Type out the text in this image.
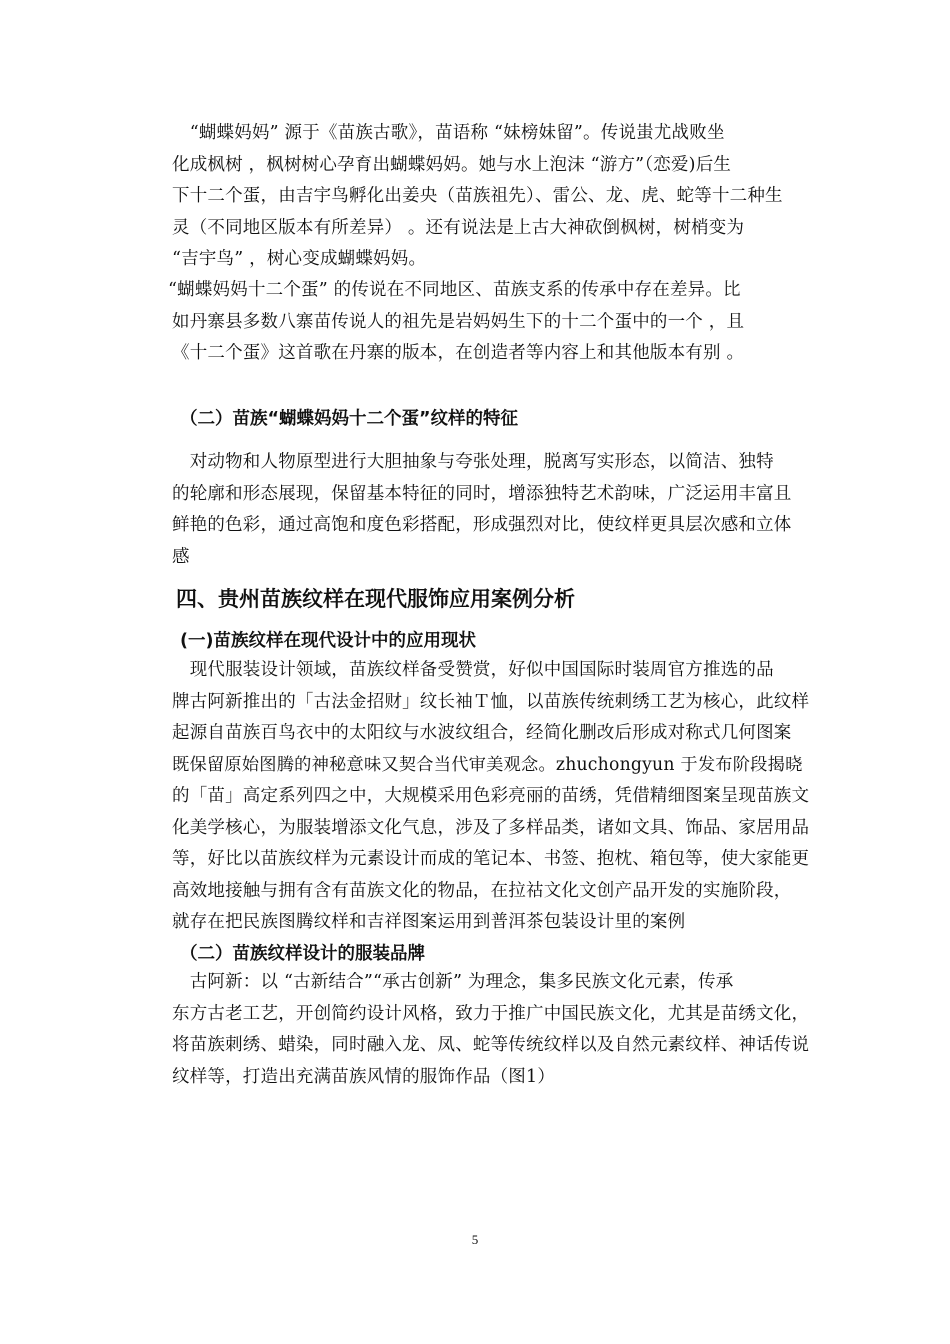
　“蝴蝶妈妈” 源于《苗族古歌》，苗语称 “妹榜妹留”。传说蚩尤战败坐
化成枫树 ，枫树树心孕育出蝴蝶妈妈。她与水上泡沫 “游方”（恋爱)后生
下十二个蛋，由吉宇鸟孵化出姜央（苗族祖先）、雷公、龙、虎、蛇等十二种生
灵（不同地区版本有所差异） 。还有说法是上古大神砍倒枫树，树梢变为
“吉宇鸟” ，树心变成蝴蝶妈妈。
“蝴蝶妈妈十二个蛋” 的传说在不同地区、苗族支系的传承中存在差异。比
如丹寨县多数八寨苗传说人的祖先是岩妈妈生下的十二个蛋中的一个 ，且
《十二个蛋》这首歌在丹寨的版本，在创造者等内容上和其他版本有别 。
（二）苗族“蝴蝶妈妈十二个蛋”纹样的特征
　对动物和人物原型进行大胆抽象与夸张处理，脱离写实形态，以简洁、独特
的轮廓和形态展现，保留基本特征的同时，增添独特艺术韵味，广泛运用丰富且
鲜艳的色彩，通过高饱和度色彩搭配，形成强烈对比，使纹样更具层次感和立体
感
四、贵州苗族纹样在现代服饰应用案例分析
(一)苗族纹样在现代设计中的应用现状
　现代服装设计领域，苗族纹样备受赞赏，好似中国国际时装周官方推选的品
牌古阿新推出的「古法金招财」纹长袖Ｔ恤，以苗族传统刺绣工艺为核心，此纹样
起源自苗族百鸟衣中的太阳纹与水波纹组合，经简化删改后形成对称式几何图案
既保留原始图腾的神秘意味又契合当代审美观念。zhuchongyun 于发布阶段揭晓
的「苗」高定系列四之中，大规模采用色彩亮丽的苗绣，凭借精细图案呈现苗族文
化美学核心，为服装增添文化气息，涉及了多样品类，诸如文具、饰品、家居用品
等，好比以苗族纹样为元素设计而成的笔记本、书签、抱枕、箱包等，使大家能更
高效地接触与拥有含有苗族文化的物品，在拉祜文化文创产品开发的实施阶段，
就存在把民族图腾纹样和吉祥图案运用到普洱茶包装设计里的案例
（二）苗族纹样设计的服装品牌
　古阿新：以 “古新结合”“承古创新” 为理念，集多民族文化元素，传承
东方古老工艺，开创简约设计风格，致力于推广中国民族文化，尤其是苗绣文化，
将苗族刺绣、蜡染，同时融入龙、凤、蛇等传统纹样以及自然元素纹样、神话传说
纹样等，打造出充满苗族风情的服饰作品（图1）
5
